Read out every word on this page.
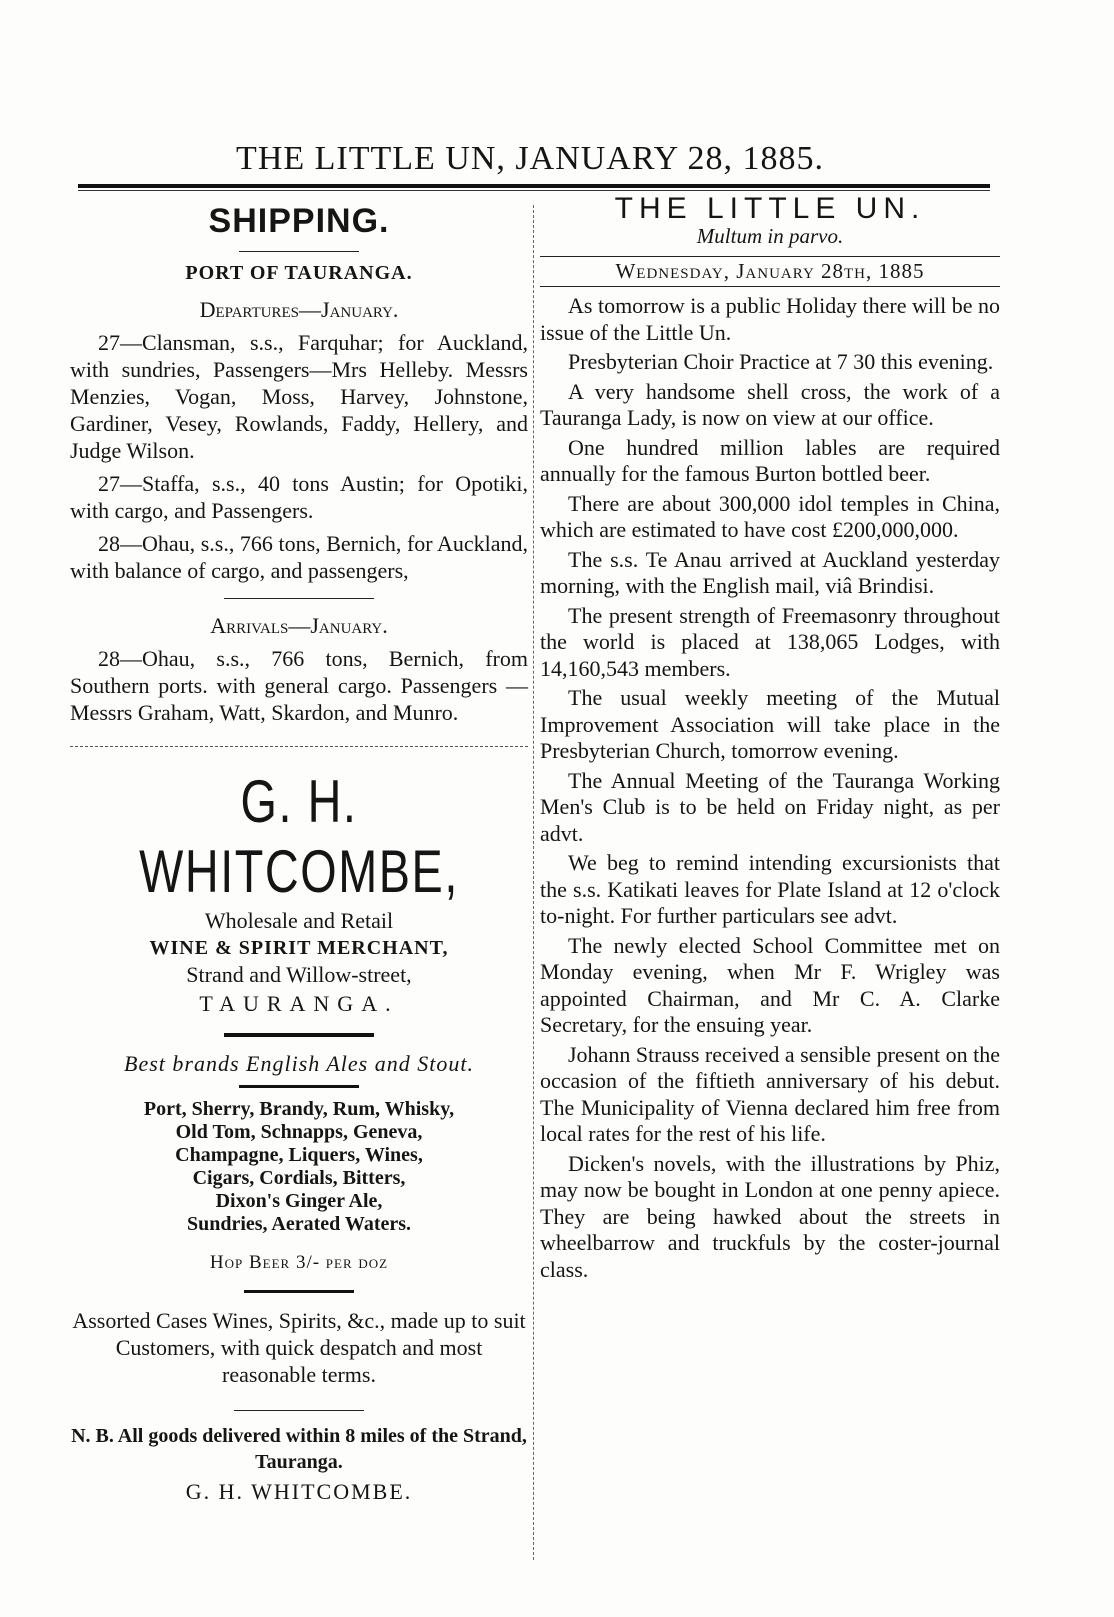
THE LITTLE UN, JANUARY 28, 1885.
SHIPPING.

PORT OF TAURANGA.

Departures—January.

27—Clansman, s.s., Farquhar; for Auckland, with sundries, Passengers—Mrs Helleby. Messrs Menzies, Vogan, Moss, Harvey, Johnstone, Gardiner, Vesey, Rowlands, Faddy, Hellery, and Judge Wilson.

27—Staffa, s.s., 40 tons Austin; for Opotiki, with cargo, and Passengers.

28—Ohau, s.s., 766 tons, Bernich, for Auckland, with balance of cargo, and passengers,

Arrivals—January.

28—Ohau, s.s., 766 tons, Bernich, from Southern ports. with general cargo. Passengers — Messrs Graham, Watt, Skardon, and Munro.

G. H. WHITCOMBE,

Wholesale and Retail

WINE & SPIRIT MERCHANT,

Strand and Willow-street,

TAURANGA.

Best brands English Ales and Stout.

Port, Sherry, Brandy, Rum, Whisky,

Old Tom, Schnapps, Geneva,

Champagne, Liquers, Wines,

Cigars, Cordials, Bitters,

Dixon's Ginger Ale,

Sundries, Aerated Waters.

Hop Beer 3/- per doz

Assorted Cases Wines, Spirits, &c., made up to suit Customers, with quick despatch and most reasonable terms.

N. B. All goods delivered within 8 miles of the Strand, Tauranga.

G. H. WHITCOMBE.

THE LITTLE UN.

Multum in parvo.

Wednesday, January 28th, 1885

As tomorrow is a public Holiday there will be no issue of the Little Un.

Presbyterian Choir Practice at 7 30 this evening.

A very handsome shell cross, the work of a Tauranga Lady, is now on view at our office.

One hundred million lables are required annually for the famous Burton bottled beer.

There are about 300,000 idol temples in China, which are estimated to have cost £200,000,000.

The s.s. Te Anau arrived at Auckland yesterday morning, with the English mail, viâ Brindisi.

The present strength of Freemasonry throughout the world is placed at 138,065 Lodges, with 14,160,543 members.

The usual weekly meeting of the Mutual Improvement Association will take place in the Presbyterian Church, tomorrow evening.

The Annual Meeting of the Tauranga Working Men's Club is to be held on Friday night, as per advt.

We beg to remind intending excursionists that the s.s. Katikati leaves for Plate Island at 12 o'clock to-night. For further particulars see advt.

The newly elected School Committee met on Monday evening, when Mr F. Wrigley was appointed Chairman, and Mr C. A. Clarke Secretary, for the ensuing year.

Johann Strauss received a sensible present on the occasion of the fiftieth anniversary of his debut. The Municipality of Vienna declared him free from local rates for the rest of his life.

Dicken's novels, with the illustrations by Phiz, may now be bought in London at one penny apiece. They are being hawked about the streets in wheelbarrow and truckfuls by the coster-journal class.
